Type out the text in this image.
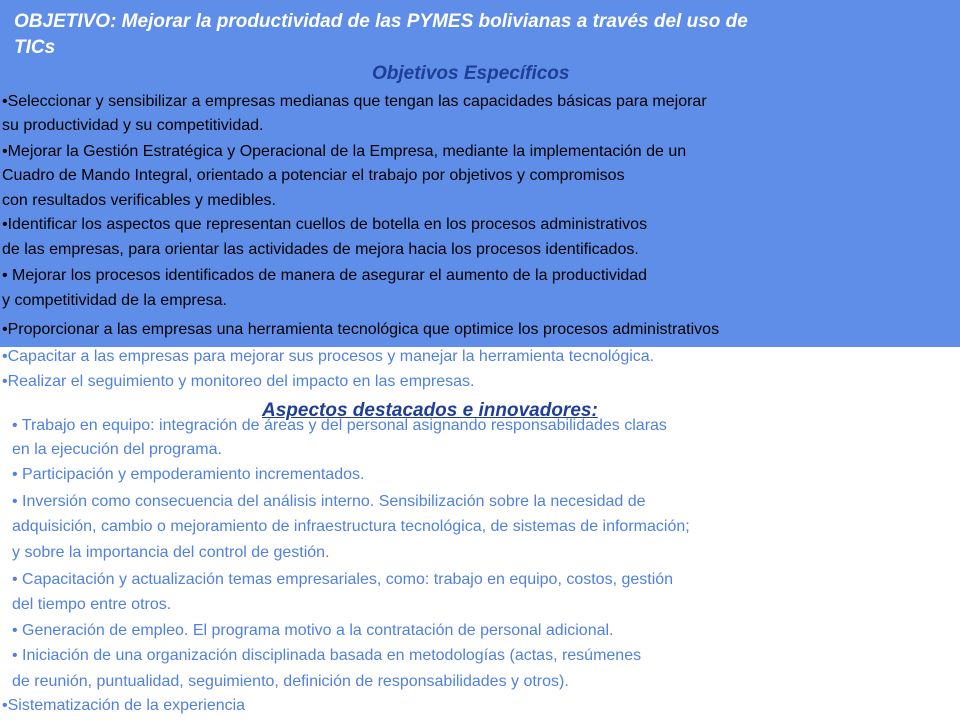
OBJETIVO: Mejorar la productividad de las PYMES bolivianas a través del uso de

TICs

Objetivos Específicos

•Seleccionar y sensibilizar a empresas medianas que tengan las capacidades básicas para mejorar

su productividad y su competitividad.

•Mejorar la Gestión Estratégica y Operacional de la Empresa, mediante la implementación de un

Cuadro de Mando Integral, orientado a potenciar el trabajo por objetivos y compromisos

con resultados verificables y medibles.

•Identificar los aspectos que representan cuellos de botella en los procesos administrativos

de las empresas, para orientar las actividades de mejora hacia los procesos identificados.

• Mejorar los procesos identificados de manera de asegurar el aumento de la productividad

y competitividad de la empresa.

•Proporcionar a las empresas una herramienta tecnológica que optimice los procesos administrativos

•Capacitar a las empresas para mejorar sus procesos y manejar la herramienta tecnológica.

•Realizar el seguimiento y monitoreo del impacto en las empresas.

Aspectos destacados e innovadores:

• Trabajo en equipo: integración de áreas y del personal asignando responsabilidades claras

en la ejecución del programa.

• Participación y empoderamiento incrementados.

• Inversión como consecuencia del análisis interno. Sensibilización sobre la necesidad de

adquisición, cambio o mejoramiento de infraestructura tecnológica, de sistemas de información;

y sobre la importancia del control de gestión.

• Capacitación y actualización temas empresariales, como: trabajo en equipo, costos, gestión

del tiempo entre otros.

• Generación de empleo. El programa motivo a la contratación de personal adicional.

• Iniciación de una organización disciplinada basada en metodologías (actas, resúmenes

de reunión, puntualidad, seguimiento, definición de responsabilidades y otros).

•Sistematización de la experiencia
